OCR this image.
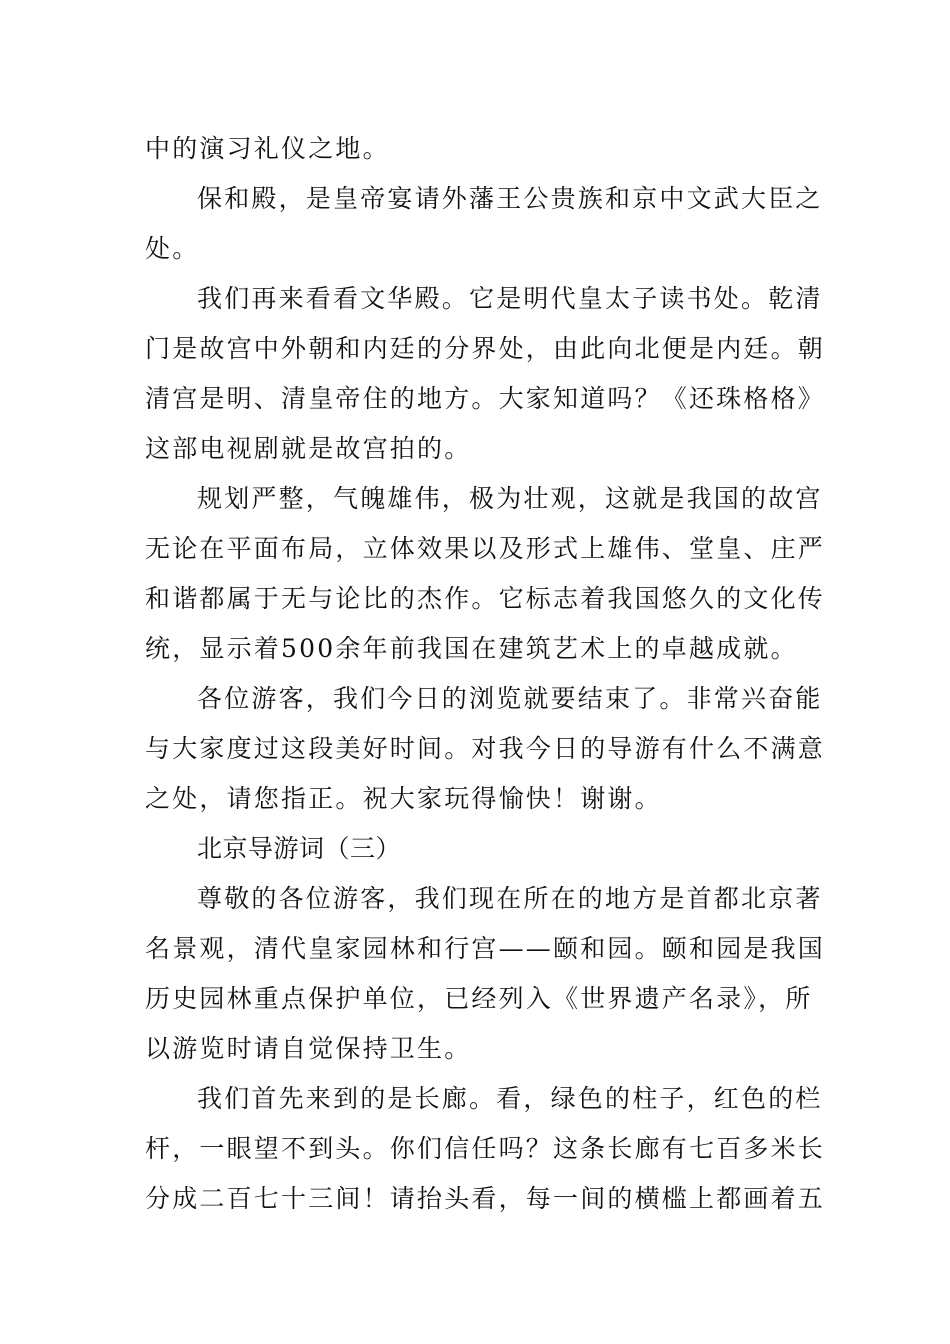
中的演习礼仪之地。
保和殿，是皇帝宴请外藩王公贵族和京中文武大臣之
处。
我们再来看看文华殿。它是明代皇太子读书处。乾清
门是故宫中外朝和内廷的分界处，由此向北便是内廷。朝
清宫是明、清皇帝住的地方。大家知道吗？《还珠格格》
这部电视剧就是故宫拍的。
规划严整，气魄雄伟，极为壮观，这就是我国的故宫
无论在平面布局，立体效果以及形式上雄伟、堂皇、庄严
和谐都属于无与论比的杰作。它标志着我国悠久的文化传
统，显示着500余年前我国在建筑艺术上的卓越成就。
各位游客，我们今日的浏览就要结束了。非常兴奋能
与大家度过这段美好时间。对我今日的导游有什么不满意
之处，请您指正。祝大家玩得愉快！谢谢。
北京导游词（三）
尊敬的各位游客，我们现在所在的地方是首都北京著
名景观，清代皇家园林和行宫——颐和园。颐和园是我国
历史园林重点保护单位，已经列入《世界遗产名录》，所
以游览时请自觉保持卫生。
我们首先来到的是长廊。看，绿色的柱子，红色的栏
杆，一眼望不到头。你们信任吗？这条长廊有七百多米长
分成二百七十三间！请抬头看，每一间的横槛上都画着五
